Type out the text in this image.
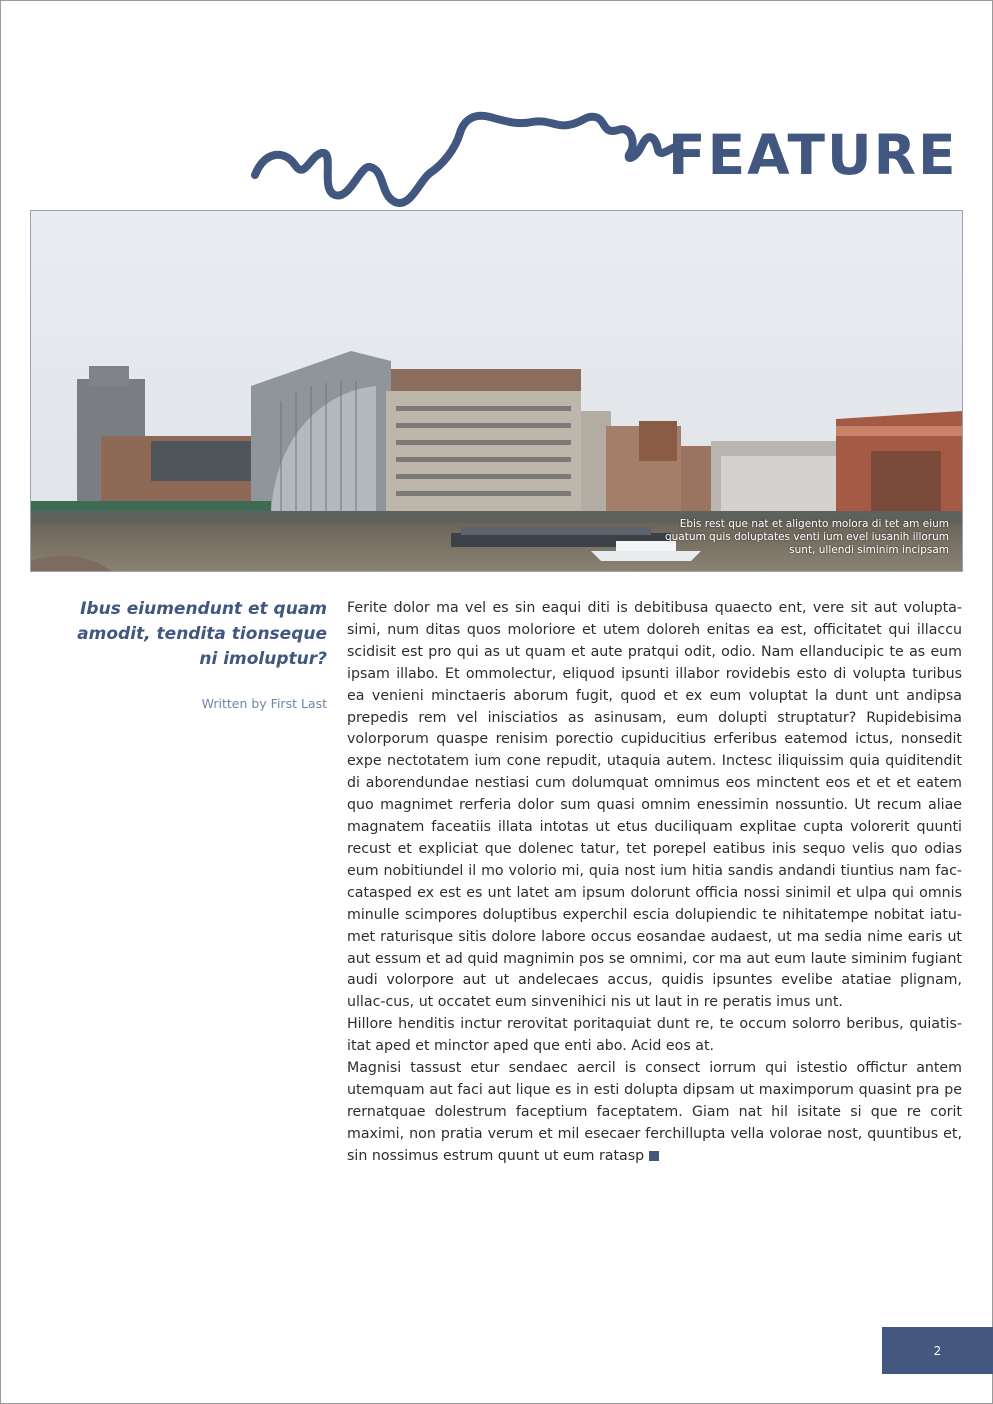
FEATURE
Ebis rest que nat et aligento molora di tet am eium quatum quis doluptates venti ium evel iusanih illorum sunt, ullendi siminim incipsam
Ibus eiumendunt et quam amodit, tendita tionseque ni imoluptur?
Written by First Last

Ferite dolor ma vel es sin eaqui diti is debitibusa quaecto ent, vere sit aut volupta-simi, num ditas quos moloriore et utem doloreh enitas ea est, officitatet qui illaccu scidisit est pro qui as ut quam et aute pratqui odit, odio. Nam ellanducipic te as eum ipsam illabo. Et ommolectur, eliquod ipsunti illabor rovidebis esto di volupta turibus ea venieni minctaeris aborum fugit, quod et ex eum voluptat la dunt unt andipsa prepedis rem vel inisciatios as asinusam, eum dolupti struptatur? Rupidebisima volorporum quaspe renisim porectio cupiducitius erferibus eatemod ictus, nonsedit expe nectotatem ium cone repudit, utaquia autem. Inctesc iliquissim quia quiditendit di aborendundae nestiasi cum dolumquat omnimus eos minctent eos et et et eatem quo magnimet rerferia dolor sum quasi omnim enessimin nossuntio. Ut recum aliae magnatem faceatiis illata intotas ut etus duciliquam explitae cupta volorerit quunti recust et expliciat que dolenec tatur, tet porepel eatibus inis sequo velis quo odias eum nobitiundel il mo volorio mi, quia nost ium hitia sandis andandi tiuntius nam fac-catasped ex est es unt latet am ipsum dolorunt officia nossi sinimil et ulpa qui omnis minulle scimpores doluptibus experchil escia dolupiendic te nihitatempe nobitat iatu-met raturisque sitis dolore labore occus eosandae audaest, ut ma sedia nime earis ut aut essum et ad quid magnimin pos se omnimi, cor ma aut eum laute siminim fugiant audi volorpore aut ut andelecaes accus, quidis ipsuntes evelibe atatiae plignam, ullac-cus, ut occatet eum sinvenihici nis ut laut in re peratis imus unt.

Hillore henditis inctur rerovitat poritaquiat dunt re, te occum solorro beribus, quiatis-itat aped et minctor aped que enti abo. Acid eos at.

Magnisi tassust etur sendaec aercil is consect iorrum qui istestio offictur antem utemquam aut faci aut lique es in esti dolupta dipsam ut maximporum quasint pra pe rernatquae dolestrum faceptium faceptatem. Giam nat hil isitate si que re corit maximi, non pratia verum et mil esecaer ferchillupta vella volorae nost, quuntibus et, sin nossimus estrum quunt ut eum ratasp

2
